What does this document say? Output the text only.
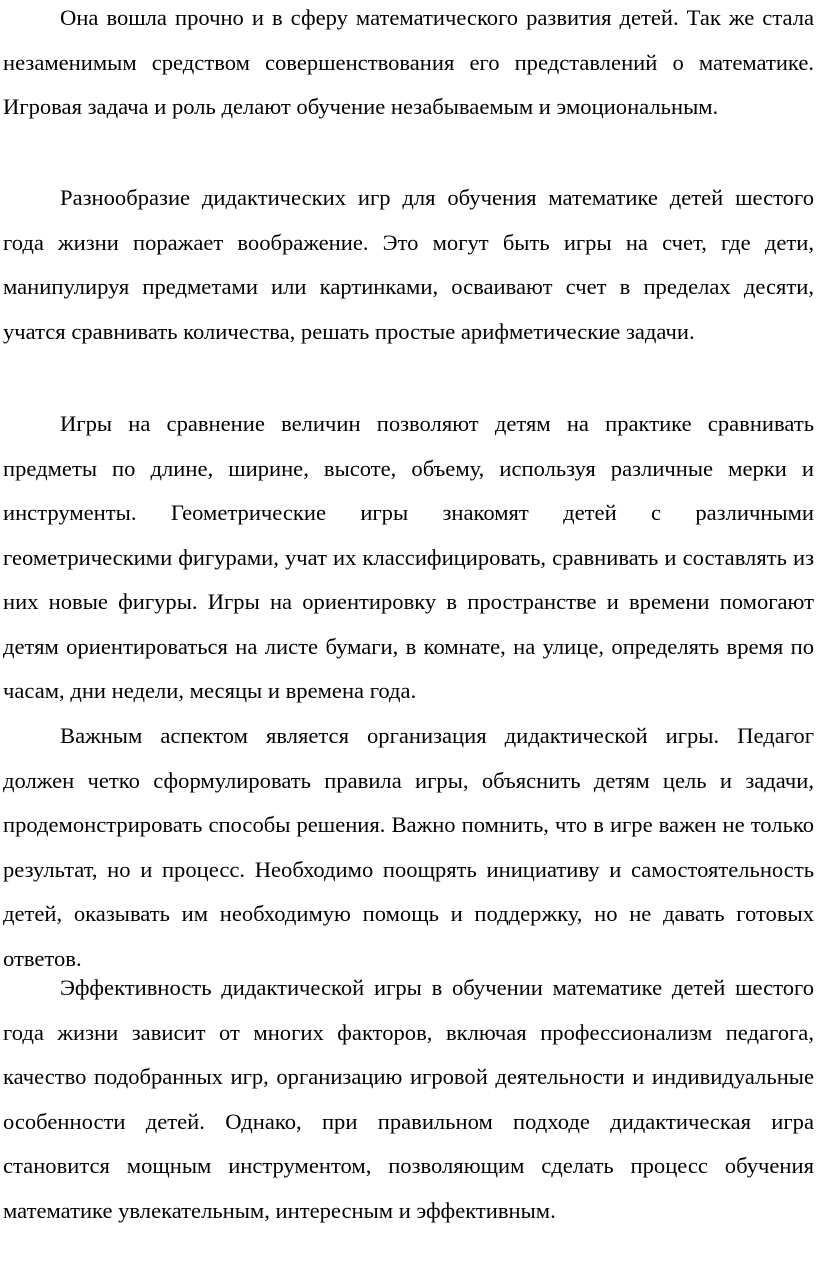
Она вошла прочно и в сферу математического развития детей. Так же стала незаменимым средством совершенствования его представлений о математике. Игровая задача и роль делают обучение незабываемым и эмоциональным.

Разнообразие дидактических игр для обучения математике детей шестого года жизни поражает воображение. Это могут быть игры на счет, где дети, манипулируя предметами или картинками, осваивают счет в пределах десяти, учатся сравнивать количества, решать простые арифметические задачи.

Игры на сравнение величин позволяют детям на практике сравнивать предметы по длине, ширине, высоте, объему, используя различные мерки и инструменты. Геометрические игры знакомят детей с различными геометрическими фигурами, учат их классифицировать, сравнивать и составлять из них новые фигуры. Игры на ориентировку в пространстве и времени помогают детям ориентироваться на листе бумаги, в комнате, на улице, определять время по часам, дни недели, месяцы и времена года.

Важным аспектом является организация дидактической игры. Педагог должен четко сформулировать правила игры, объяснить детям цель и задачи, продемонстрировать способы решения. Важно помнить, что в игре важен не только результат, но и процесс. Необходимо поощрять инициативу и самостоятельность детей, оказывать им необходимую помощь и поддержку, но не давать готовых ответов.

Эффективность дидактической игры в обучении математике детей шестого года жизни зависит от многих факторов, включая профессионализм педагога, качество подобранных игр, организацию игровой деятельности и индивидуальные особенности детей. Однако, при правильном подходе дидактическая игра становится мощным инструментом, позволяющим сделать процесс обучения математике увлекательным, интересным и эффективным.
